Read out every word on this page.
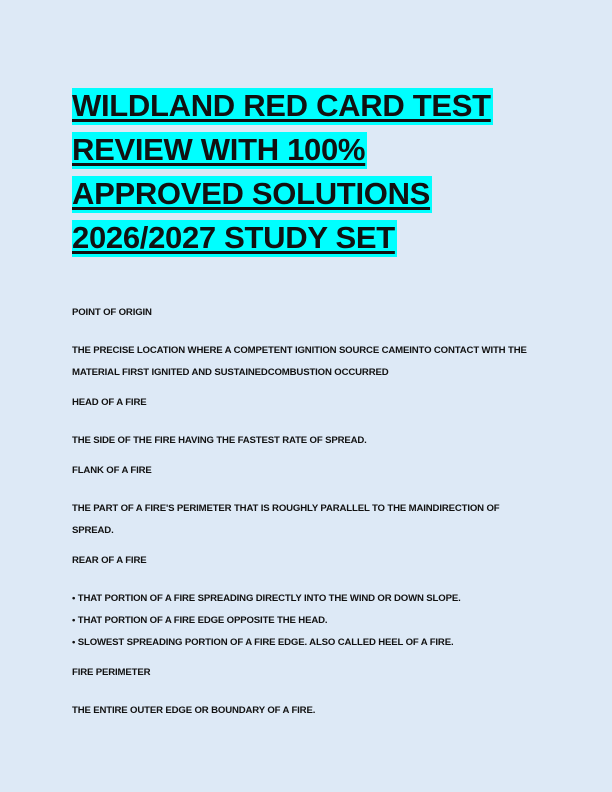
WILDLAND RED CARD TEST
REVIEW WITH 100%
APPROVED SOLUTIONS
2026/2027 STUDY SET

POINT OF ORIGIN

THE PRECISE LOCATION WHERE A COMPETENT IGNITION SOURCE CAMEINTO CONTACT WITH THE MATERIAL FIRST IGNITED AND SUSTAINEDCOMBUSTION OCCURRED

HEAD OF A FIRE

THE SIDE OF THE FIRE HAVING THE FASTEST RATE OF SPREAD.

FLANK OF A FIRE

THE PART OF A FIRE'S PERIMETER THAT IS ROUGHLY PARALLEL TO THE MAINDIRECTION OF SPREAD.

REAR OF A FIRE

• THAT PORTION OF A FIRE SPREADING DIRECTLY INTO THE WIND OR DOWN SLOPE.
• THAT PORTION OF A FIRE EDGE OPPOSITE THE HEAD.
• SLOWEST SPREADING PORTION OF A FIRE EDGE. ALSO CALLED HEEL OF A FIRE.

FIRE PERIMETER

THE ENTIRE OUTER EDGE OR BOUNDARY OF A FIRE.
